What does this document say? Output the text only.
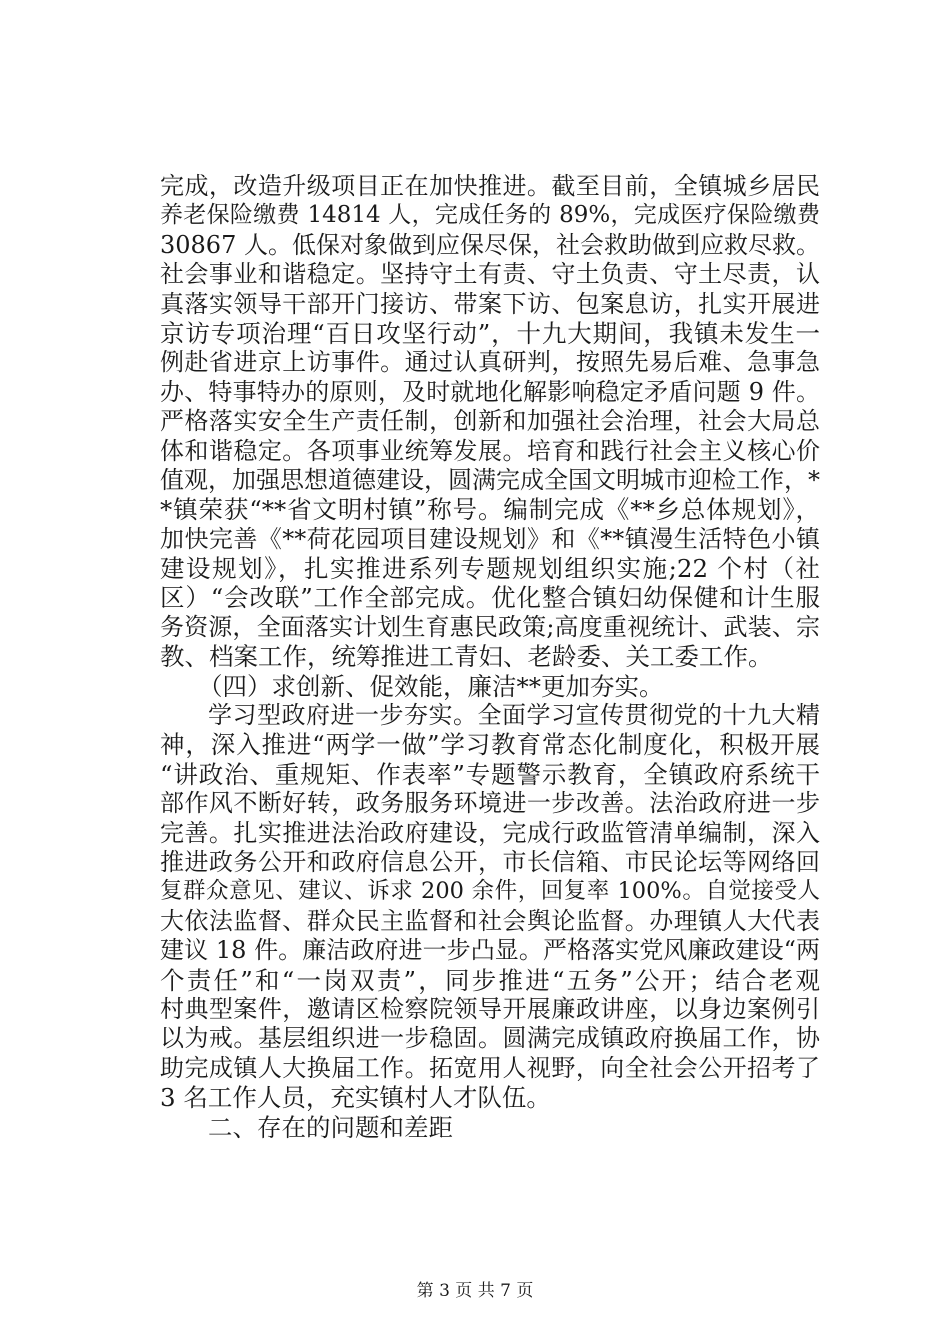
完成，改造升级项目正在加快推进。截至目前，全镇城乡居民
养老保险缴费 14814 人，完成任务的 89%，完成医疗保险缴费
30867 人。低保对象做到应保尽保，社会救助做到应救尽救。
社会事业和谐稳定。坚持守土有责、守土负责、守土尽责，认
真落实领导干部开门接访、带案下访、包案息访，扎实开展进
京访专项治理“百日攻坚行动”，十九大期间，我镇未发生一
例赴省进京上访事件。通过认真研判，按照先易后难、急事急
办、特事特办的原则，及时就地化解影响稳定矛盾问题 9 件。
严格落实安全生产责任制，创新和加强社会治理，社会大局总
体和谐稳定。各项事业统筹发展。培育和践行社会主义核心价
值观，加强思想道德建设，圆满完成全国文明城市迎检工作，*
*镇荣获“**省文明村镇”称号。编制完成《**乡总体规划》，
加快完善《**荷花园项目建设规划》和《**镇漫生活特色小镇
建设规划》，扎实推进系列专题规划组织实施;22 个村（社
区）“会改联”工作全部完成。优化整合镇妇幼保健和计生服
务资源，全面落实计划生育惠民政策;高度重视统计、武装、宗
教、档案工作，统筹推进工青妇、老龄委、关工委工作。
（四）求创新、促效能，廉洁**更加夯实。
学习型政府进一步夯实。全面学习宣传贯彻党的十九大精
神，深入推进“两学一做”学习教育常态化制度化，积极开展
“讲政治、重规矩、作表率”专题警示教育，全镇政府系统干
部作风不断好转，政务服务环境进一步改善。法治政府进一步
完善。扎实推进法治政府建设，完成行政监管清单编制，深入
推进政务公开和政府信息公开，市长信箱、市民论坛等网络回
复群众意见、建议、诉求 200 余件，回复率 100%。自觉接受人
大依法监督、群众民主监督和社会舆论监督。办理镇人大代表
建议 18 件。廉洁政府进一步凸显。严格落实党风廉政建设“两
个责任”和“一岗双责”，同步推进“五务”公开；结合老观
村典型案件，邀请区检察院领导开展廉政讲座，以身边案例引
以为戒。基层组织进一步稳固。圆满完成镇政府换届工作，协
助完成镇人大换届工作。拓宽用人视野，向全社会公开招考了
3 名工作人员，充实镇村人才队伍。
二、存在的问题和差距
第 3 页 共 7 页
